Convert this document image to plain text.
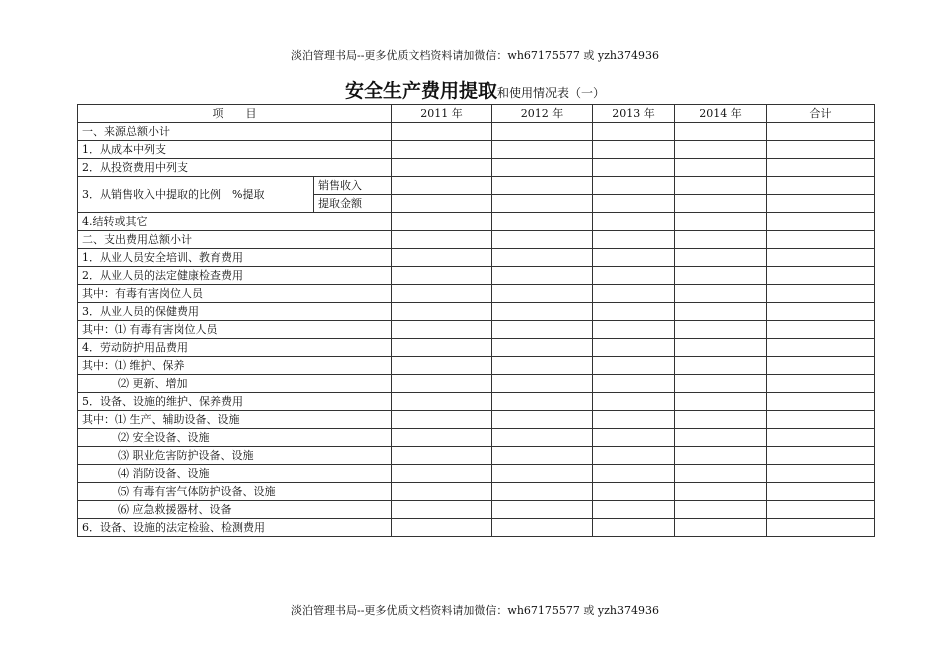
淡泊管理书局--更多优质文档资料请加微信：wh67175577 或 yzh374936
安全生产费用提取和使用情况表（一）
项　　目		2011 年	2012 年	2013 年	2014 年	合计
一、来源总额小计						
1．从成本中列支						
2．从投资费用中列支						
3．从销售收入中提取的比例　%提取	销售收入					
	提取金额					
4.结转或其它						
二、支出费用总额小计						
1．从业人员安全培训、教育费用						
2．从业人员的法定健康检查费用						
其中：有毒有害岗位人员						
3．从业人员的保健费用						
其中：⑴ 有毒有害岗位人员						
4．劳动防护用品费用						
其中：⑴ 维护、保养						
⑵ 更新、增加						
5．设备、设施的维护、保养费用						
其中：⑴ 生产、辅助设备、设施						
⑵ 安全设备、设施						
⑶ 职业危害防护设备、设施						
⑷ 消防设备、设施						
⑸ 有毒有害气体防护设备、设施						
⑹ 应急救援器材、设备						
6．设备、设施的法定检验、检测费用						
淡泊管理书局--更多优质文档资料请加微信：wh67175577 或 yzh374936
